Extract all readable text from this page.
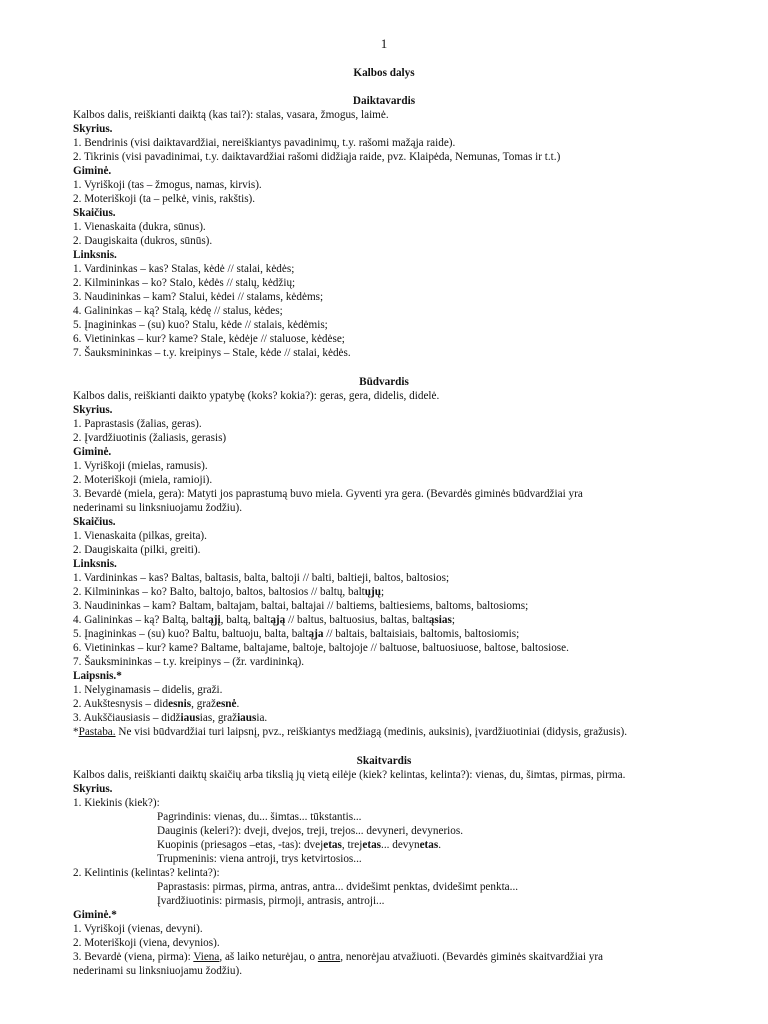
1
Kalbos dalys
Daiktavardis
Kalbos dalis, reiškianti daiktą (kas tai?): stalas, vasara, žmogus, laimė.
Skyrius.
1. Bendrinis (visi daiktavardžiai, nereiškiantys pavadinimų, t.y. rašomi mažąja raide).
2. Tikrinis (visi pavadinimai, t.y. daiktavardžiai rašomi didžiąja raide, pvz. Klaipėda, Nemunas, Tomas ir t.t.)
Giminė.
1. Vyriškoji (tas – žmogus, namas, kirvis).
2. Moteriškoji (ta – pelkė, vinis, rakštis).
Skaičius.
1. Vienaskaita (dukra, sūnus).
2. Daugiskaita (dukros, sūnūs).
Linksnis.
1. Vardininkas – kas? Stalas, kėdė // stalai, kėdės;
2. Kilmininkas – ko? Stalo, kėdės // stalų, kėdžių;
3. Naudininkas – kam? Stalui, kėdei // stalams, kėdėms;
4. Galininkas – ką? Stalą, kėdę // stalus, kėdes;
5. Įnagininkas – (su) kuo? Stalu, kėde // stalais, kėdėmis;
6. Vietininkas – kur? kame? Stale, kėdėje // staluose, kėdėse;
7. Šauksmininkas – t.y. kreipinys – Stale, kėde // stalai, kėdės.
Būdvardis
Kalbos dalis, reiškianti daikto ypatybę (koks? kokia?): geras, gera, didelis, didelė.
Skyrius.
1. Paprastasis (žalias, geras).
2. Įvardžiuotinis (žaliasis, gerasis)
Giminė.
1. Vyriškoji (mielas, ramusis).
2. Moteriškoji (miela, ramioji).
3. Bevardė (miela, gera): Matyti jos paprastumą buvo miela. Gyventi yra gera. (Bevardės giminės būdvardžiai yra
nederinami su linksniuojamu žodžiu).
Skaičius.
1. Vienaskaita (pilkas, greita).
2. Daugiskaita (pilki, greiti).
Linksnis.
1. Vardininkas – kas? Baltas, baltasis, balta, baltoji // balti, baltieji, baltos, baltosios;
2. Kilmininkas – ko? Balto, baltojo, baltos, baltosios // baltų, baltųjų;
3. Naudininkas – kam? Baltam, baltajam, baltai, baltajai // baltiems, baltiesiems, baltoms, baltosioms;
4. Galininkas – ką? Baltą, baltąjį, baltą, baltąją // baltus, baltuosius, baltas, baltąsias;
5. Įnagininkas – (su) kuo? Baltu, baltuoju, balta, baltąja // baltais, baltaisiais, baltomis, baltosiomis;
6. Vietininkas – kur? kame? Baltame, baltajame, baltoje, baltojoje // baltuose, baltuosiuose, baltose, baltosiose.
7. Šauksmininkas – t.y. kreipinys – (žr. vardininką).
Laipsnis.*
1. Nelyginamasis – didelis, graži.
2. Aukštesnysis – didesnis, gražesnė.
3. Aukščiausiasis – didžiausias, gražiausia.
*Pastaba. Ne visi būdvardžiai turi laipsnį, pvz., reiškiantys medžiagą (medinis, auksinis), įvardžiuotiniai (didysis, gražusis).
Skaitvardis
Kalbos dalis, reiškianti daiktų skaičių arba tikslią jų vietą eilėje (kiek? kelintas, kelinta?): vienas, du, šimtas, pirmas, pirma.
Skyrius.
1. Kiekinis (kiek?):
Pagrindinis: vienas, du... šimtas... tūkstantis...
Dauginis (keleri?): dveji, dvejos, treji, trejos... devyneri, devynerios.
Kuopinis (priesagos –etas, -tas): dvejetas, trejetas... devynetas.
Trupmeninis: viena antroji, trys ketvirtosios...
2. Kelintinis (kelintas? kelinta?):
Paprastasis: pirmas, pirma, antras, antra... dvidešimt penktas, dvidešimt penkta...
Įvardžiuotinis: pirmasis, pirmoji, antrasis, antroji...
Giminė.*
1. Vyriškoji (vienas, devyni).
2. Moteriškoji (viena, devynios).
3. Bevardė (viena, pirma): Viena, aš laiko neturėjau, o antra, nenorėjau atvažiuoti. (Bevardės giminės skaitvardžiai yra
nederinami su linksniuojamu žodžiu).
